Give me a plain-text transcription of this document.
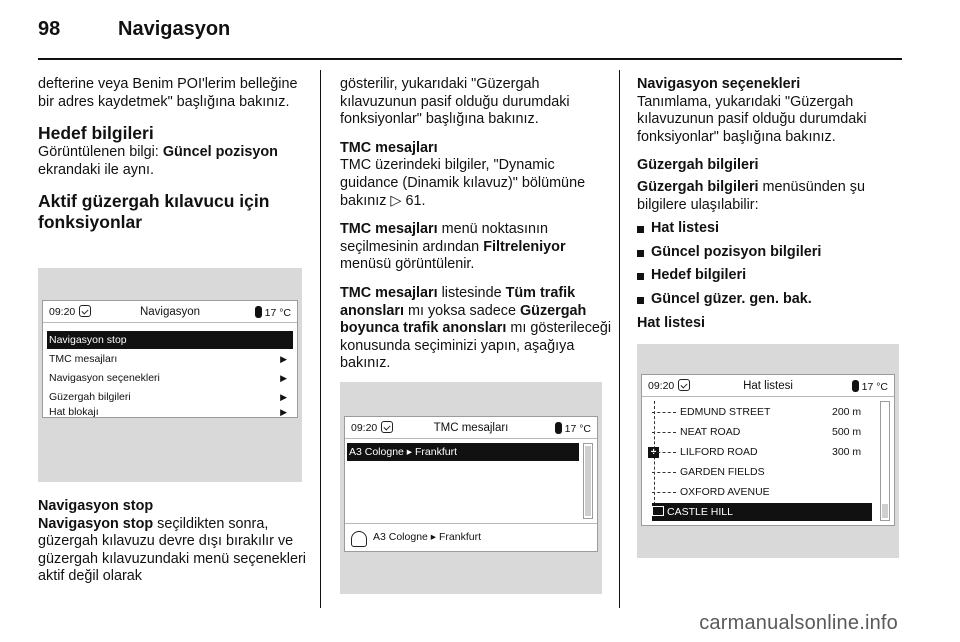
98	Navigasyon

defterine veya Benim POI'lerim belleğine bir adres kaydetmek" başlığına bakınız.

Hedef bilgileri

Görüntülenen bilgi: Güncel pozisyon ekrandaki ile aynı.

Aktif güzergah kılavucu için fonksiyonlar
09:20	Navigasyon	17 °C
Navigasyon stop
TMC mesajları	▶
Navigasyon seçenekleri	▶
Güzergah bilgileri	▶
Hat blokajı	▶
Navigasyon stop

Navigasyon stop seçildikten sonra, güzergah kılavuzu devre dışı bırakılır ve güzergah kılavuzundaki menü seçenekleri aktif değil olarak

gösterilir, yukarıdaki "Güzergah kılavuzunun pasif olduğu durumdaki fonksiyonlar" başlığına bakınız.

TMC mesajları

TMC üzerindeki bilgiler, "Dynamic guidance (Dinamik kılavuz)" bölümüne bakınız ▷ 61.

TMC mesajları menü noktasının seçilmesinin ardından Filtreleniyor menüsü görüntülenir.

TMC mesajları listesinde Tüm trafik anonsları mı yoksa sadece Güzergah boyunca trafik anonsları mı gösterileceği konusunda seçiminizi yapın, aşağıya bakınız.

09:20	TMC mesajları	17 °C
A3 Cologne ▸ Frankfurt
A3 Cologne ▸ Frankfurt
Navigasyon seçenekleri

Tanımlama, yukarıdaki "Güzergah kılavuzunun pasif olduğu durumdaki fonksiyonlar" başlığına bakınız.

Güzergah bilgileri

Güzergah bilgileri menüsünden şu bilgilere ulaşılabilir:

Hat listesi
Güncel pozisyon bilgileri
Hedef bilgileri
Güncel güzer. gen. bak.
Hat listesi
09:20	Hat listesi	17 °C
+
EDMUND STREET	200 m
NEAT ROAD	500 m
LILFORD ROAD	300 m
GARDEN FIELDS
OXFORD AVENUE
CASTLE HILL
carmanualsonline.info
